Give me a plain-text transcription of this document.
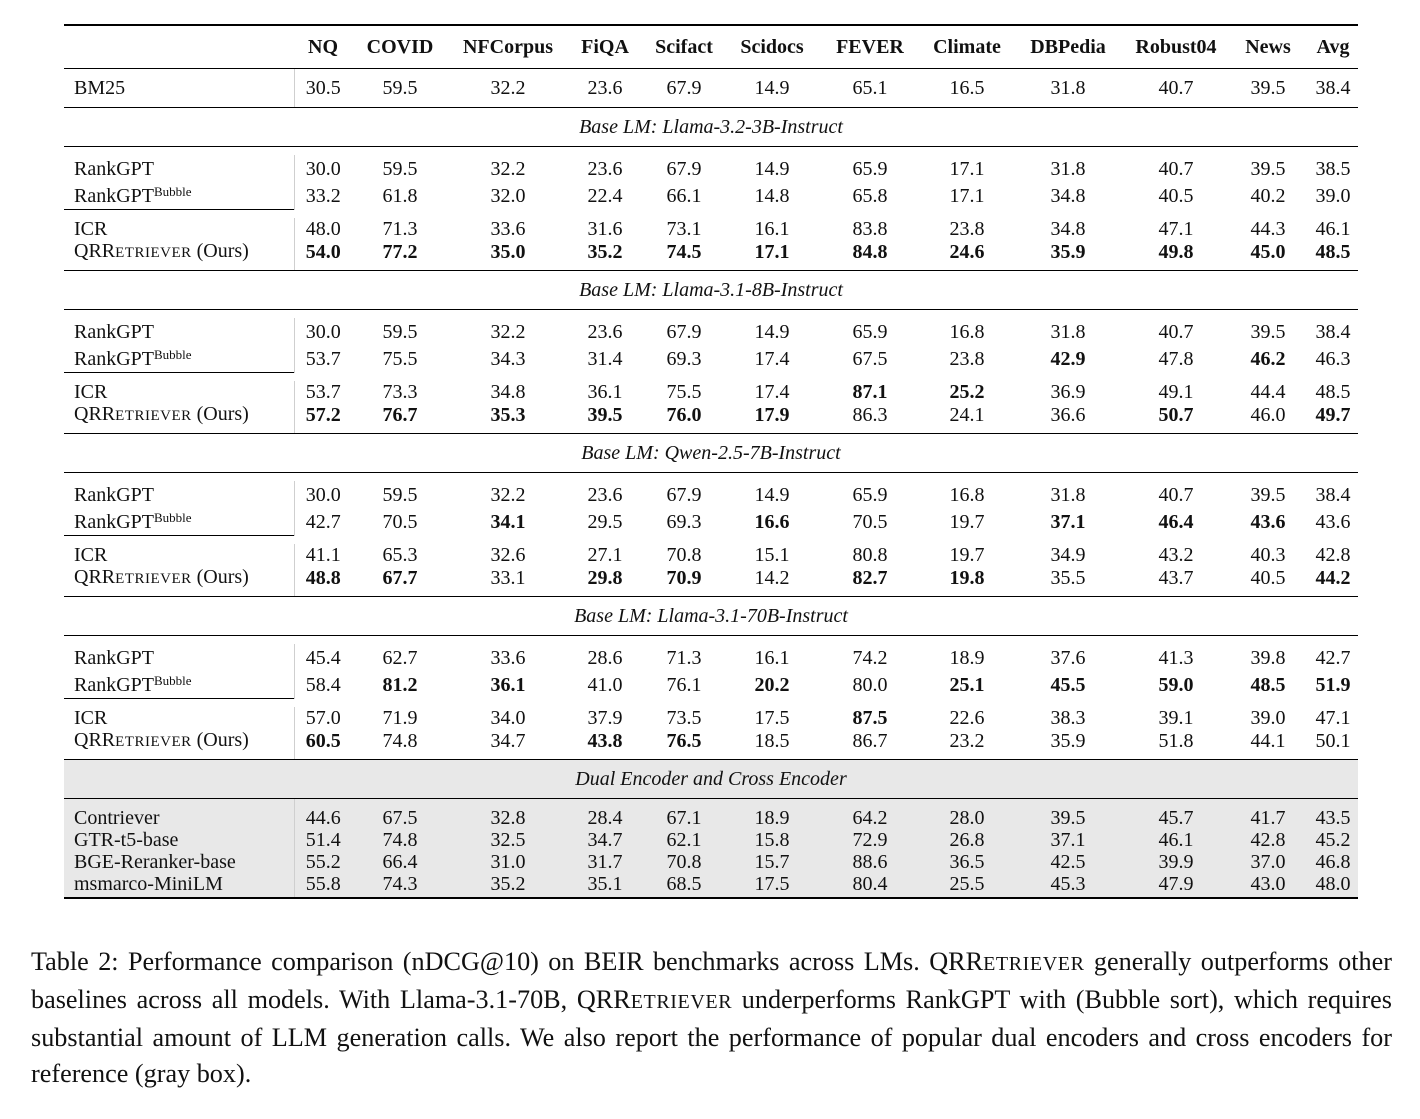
	NQ	COVID	NFCorpus	FiQA	Scifact	Scidocs	FEVER	Climate	DBPedia	Robust04	News	Avg
BM25	30.5	59.5	32.2	23.6	67.9	14.9	65.1	16.5	31.8	40.7	39.5	38.4
Base LM: Llama-3.2-3B-Instruct												

RankGPT	30.0	59.5	32.2	23.6	67.9	14.9	65.9	17.1	31.8	40.7	39.5	38.5
RankGPT$^{Bubble}$	33.2	61.8	32.0	22.4	66.1	14.8	65.8	17.1	34.8	40.5	40.2	39.0

ICR	48.0	71.3	33.6	31.6	73.1	16.1	83.8	23.8	34.8	47.1	44.3	46.1
QRRETRIEVER (Ours)	54.0	77.2	35.0	35.2	74.5	17.1	84.8	24.6	35.9	49.8	45.0	48.5
Base LM: Llama-3.1-8B-Instruct												

RankGPT	30.0	59.5	32.2	23.6	67.9	14.9	65.9	16.8	31.8	40.7	39.5	38.4
RankGPT$^{Bubble}$	53.7	75.5	34.3	31.4	69.3	17.4	67.5	23.8	42.9	47.8	46.2	46.3

ICR	53.7	73.3	34.8	36.1	75.5	17.4	87.1	25.2	36.9	49.1	44.4	48.5
QRRETRIEVER (Ours)	57.2	76.7	35.3	39.5	76.0	17.9	86.3	24.1	36.6	50.7	46.0	49.7
Base LM: Qwen-2.5-7B-Instruct												

RankGPT	30.0	59.5	32.2	23.6	67.9	14.9	65.9	16.8	31.8	40.7	39.5	38.4
RankGPT$^{Bubble}$	42.7	70.5	34.1	29.5	69.3	16.6	70.5	19.7	37.1	46.4	43.6	43.6

ICR	41.1	65.3	32.6	27.1	70.8	15.1	80.8	19.7	34.9	43.2	40.3	42.8
QRRETRIEVER (Ours)	48.8	67.7	33.1	29.8	70.9	14.2	82.7	19.8	35.5	43.7	40.5	44.2
Base LM: Llama-3.1-70B-Instruct												

RankGPT	45.4	62.7	33.6	28.6	71.3	16.1	74.2	18.9	37.6	41.3	39.8	42.7
RankGPT$^{Bubble}$	58.4	81.2	36.1	41.0	76.1	20.2	80.0	25.1	45.5	59.0	48.5	51.9

ICR	57.0	71.9	34.0	37.9	73.5	17.5	87.5	22.6	38.3	39.1	39.0	47.1
QRRETRIEVER (Ours)	60.5	74.8	34.7	43.8	76.5	18.5	86.7	23.2	35.9	51.8	44.1	50.1
Dual Encoder and Cross Encoder												
Contriever	44.6	67.5	32.8	28.4	67.1	18.9	64.2	28.0	39.5	45.7	41.7	43.5
GTR-t5-base	51.4	74.8	32.5	34.7	62.1	15.8	72.9	26.8	37.1	46.1	42.8	45.2
BGE-Reranker-base	55.2	66.4	31.0	31.7	70.8	15.7	88.6	36.5	42.5	39.9	37.0	46.8
msmarco-MiniLM	55.8	74.3	35.2	35.1	68.5	17.5	80.4	25.5	45.3	47.9	43.0	48.0
Table 2: Performance comparison (nDCG@10) on BEIR benchmarks across LMs. QRRETRIEVER generally outperforms other baselines across all models. With Llama-3.1-70B, QRRETRIEVER underperforms RankGPT with (Bubble sort), which requires substantial amount of LLM generation calls. We also report the performance of popular dual encoders and cross encoders for reference (gray box).
